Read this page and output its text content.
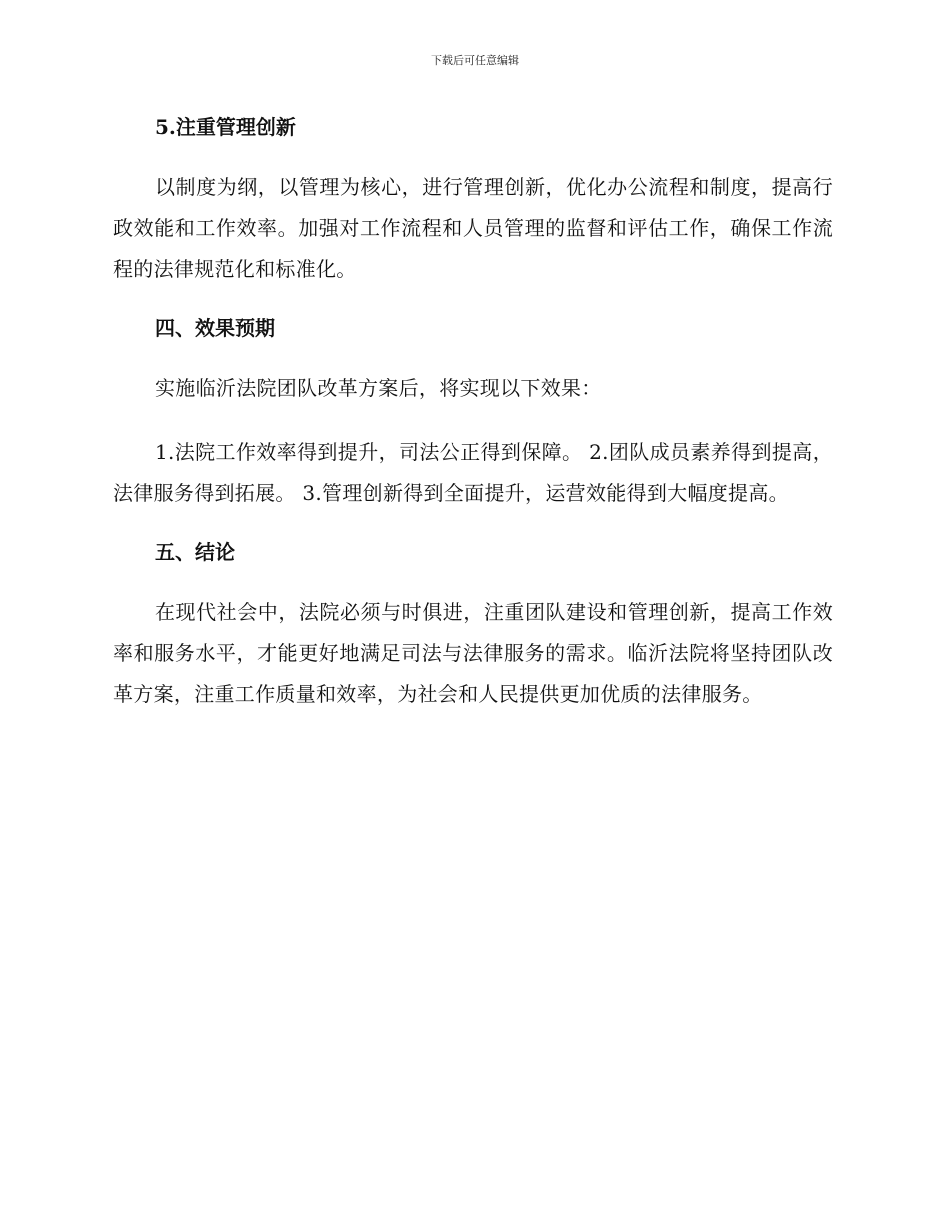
下载后可任意编辑
5.注重管理创新
以制度为纲，以管理为核心，进行管理创新，优化办公流程和制度，提高行政效能和工作效率。加强对工作流程和人员管理的监督和评估工作，确保工作流程的法律规范化和标准化。
四、效果预期
实施临沂法院团队改革方案后，将实现以下效果：
1.法院工作效率得到提升，司法公正得到保障。 2.团队成员素养得到提高，法律服务得到拓展。 3.管理创新得到全面提升，运营效能得到大幅度提高。
五、结论
在现代社会中，法院必须与时俱进，注重团队建设和管理创新，提高工作效率和服务水平，才能更好地满足司法与法律服务的需求。临沂法院将坚持团队改革方案，注重工作质量和效率，为社会和人民提供更加优质的法律服务。
